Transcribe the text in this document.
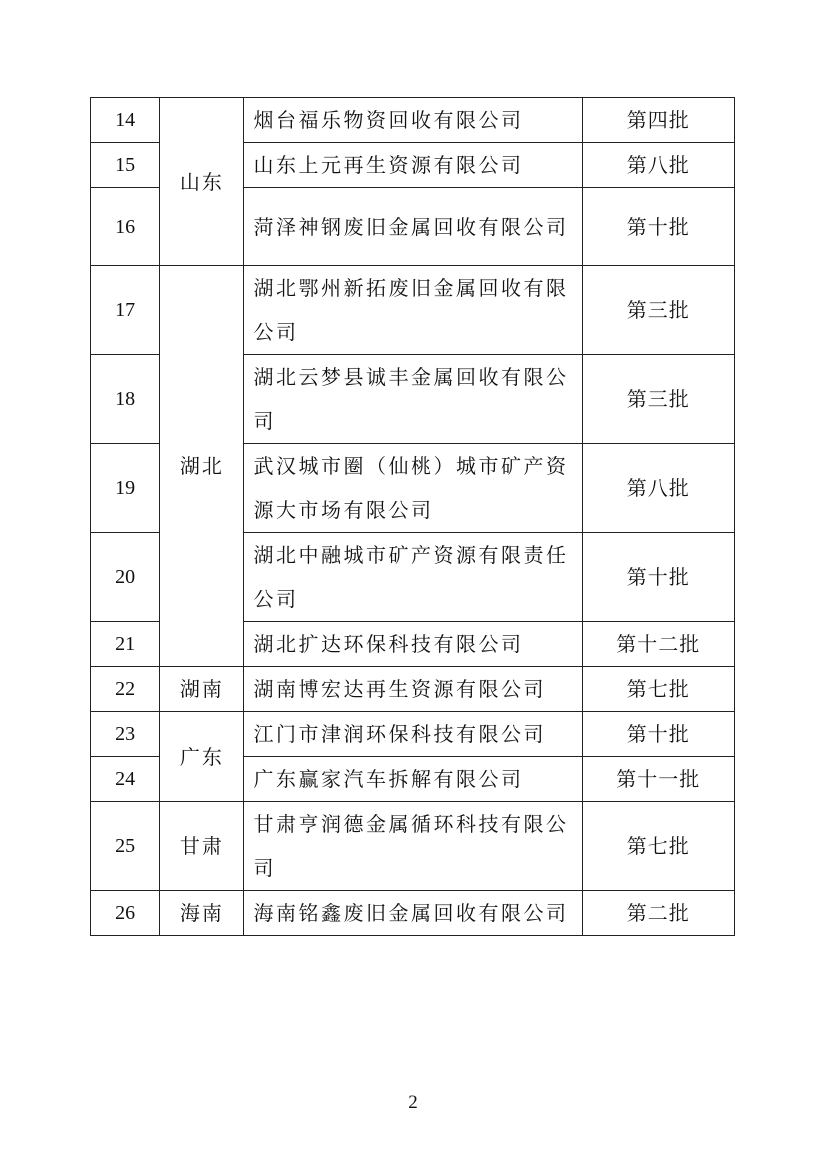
14	山东	烟台福乐物资回收有限公司	第四批
15		山东上元再生资源有限公司	第八批
16		菏泽神钢废旧金属回收有限公司	第十批
17	湖北	湖北鄂州新拓废旧金属回收有限公司	第三批
18		湖北云梦县诚丰金属回收有限公司	第三批
19		武汉城市圈（仙桃）城市矿产资源大市场有限公司	第八批
20		湖北中融城市矿产资源有限责任公司	第十批
21		湖北扩达环保科技有限公司	第十二批
22	湖南	湖南博宏达再生资源有限公司	第七批
23	广东	江门市津润环保科技有限公司	第十批
24		广东赢家汽车拆解有限公司	第十一批
25	甘肃	甘肃亨润德金属循环科技有限公司	第七批
26	海南	海南铭鑫废旧金属回收有限公司	第二批
2
